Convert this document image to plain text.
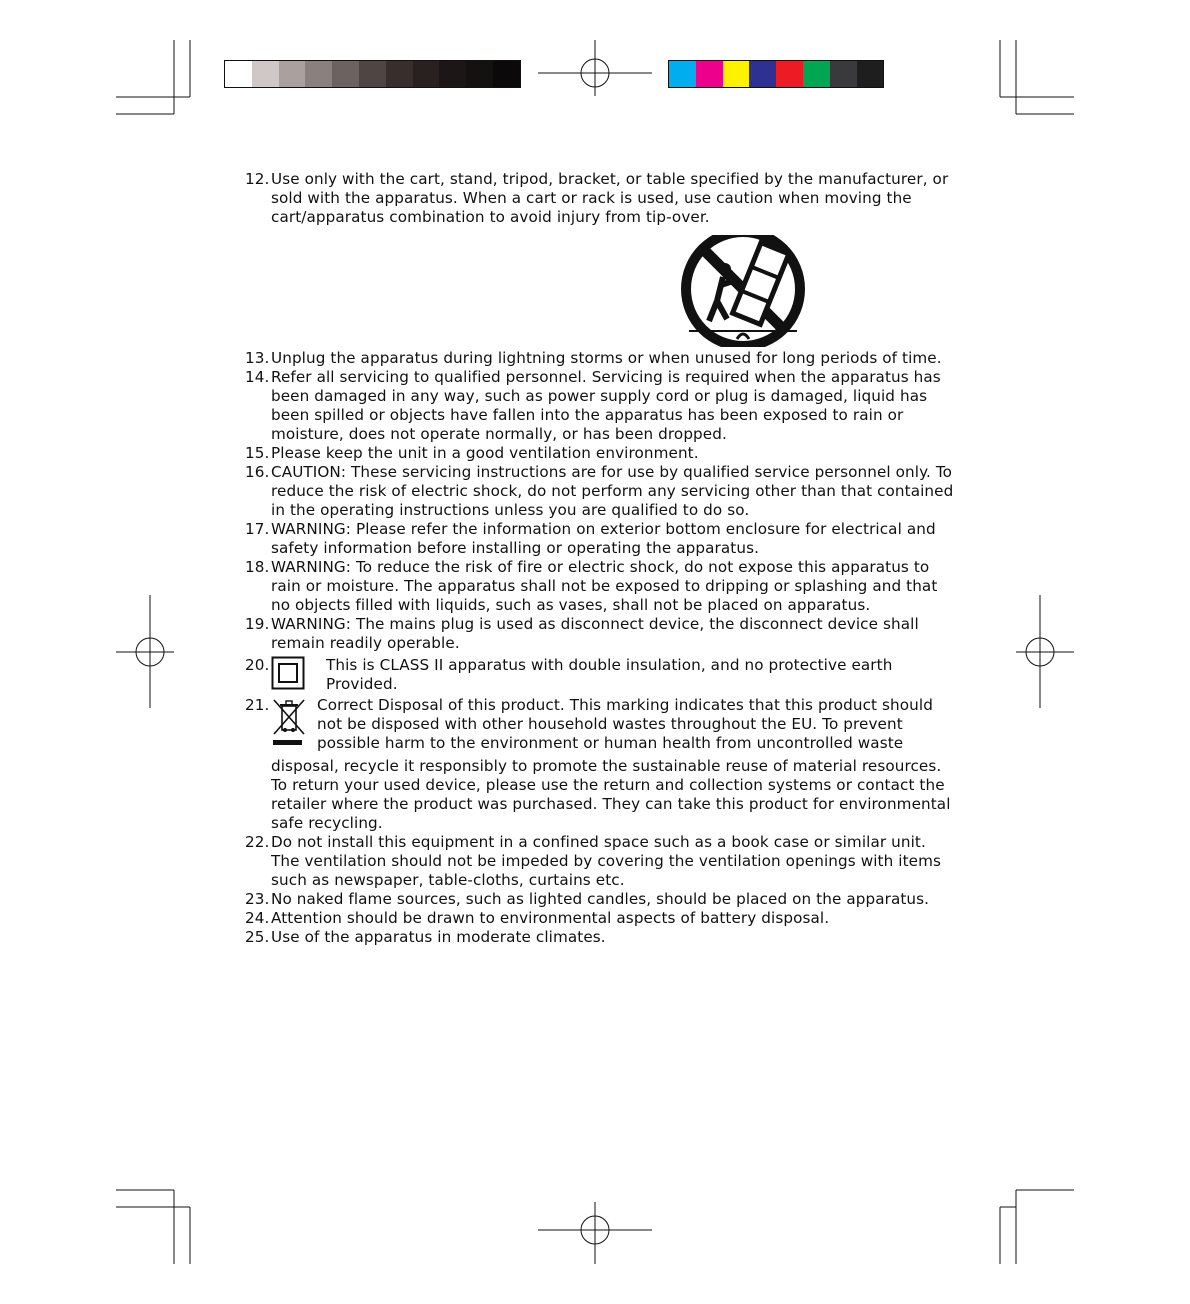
12. Use only with the cart, stand, tripod, bracket, or table specified by the manufacturer, or sold with the apparatus. When a cart or rack is used, use caution when moving the cart/apparatus combination to avoid injury from tip-over.
13. Unplug the apparatus during lightning storms or when unused for long periods of time.
14. Refer all servicing to qualified personnel. Servicing is required when the apparatus has been damaged in any way, such as power supply cord or plug is damaged, liquid has been spilled or objects have fallen into the apparatus has been exposed to rain or moisture, does not operate normally, or has been dropped.
15. Please keep the unit in a good ventilation environment.
16. CAUTION: These servicing instructions are for use by qualified service personnel only. To reduce the risk of electric shock, do not perform any servicing other than that contained in the operating instructions unless you are qualified to do so.
17. WARNING: Please refer the information on exterior bottom enclosure for electrical and safety information before installing or operating the apparatus.
18. WARNING: To reduce the risk of fire or electric shock, do not expose this apparatus to rain or moisture. The apparatus shall not be exposed to dripping or splashing and that no objects filled with liquids, such as vases, shall not be placed on apparatus.
19. WARNING: The mains plug is used as disconnect device, the disconnect device shall remain readily operable.
20.	This is CLASS II apparatus with double insulation, and no protective earth Provided.
21.	Correct Disposal of this product. This marking indicates that this product should
not be disposed with other household wastes throughout the EU. To prevent
possible harm to the environment or human health from uncontrolled waste
disposal, recycle it responsibly to promote the sustainable reuse of material resources. To return your used device, please use the return and collection systems or contact the retailer where the product was purchased. They can take this product for environmental safe recycling.
22. Do not install this equipment in a confined space such as a book case or similar unit. The ventilation should not be impeded by covering the ventilation openings with items such as newspaper, table-cloths, curtains etc.
23. No naked flame sources, such as lighted candles, should be placed on the apparatus.
24. Attention should be drawn to environmental aspects of battery disposal.
25. Use of the apparatus in moderate climates.
